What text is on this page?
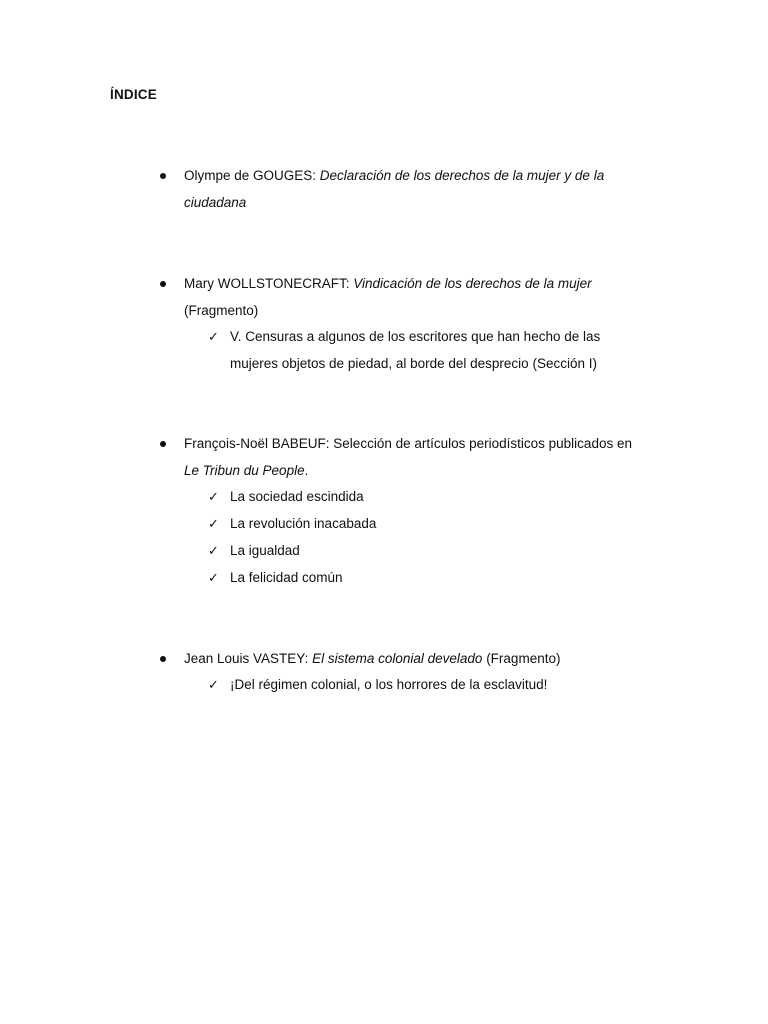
ÍNDICE
Olympe de GOUGES: Declaración de los derechos de la mujer y de la
ciudadana
Mary WOLLSTONECRAFT: Vindicación de los derechos de la mujer
(Fragmento)
✓ V. Censuras a algunos de los escritores que han hecho de las
mujeres objetos de piedad, al borde del desprecio (Sección I)
François-Noël BABEUF: Selección de artículos periodísticos publicados en
Le Tribun du People.
✓ La sociedad escindida
✓ La revolución inacabada
✓ La igualdad
✓ La felicidad común
Jean Louis VASTEY: El sistema colonial develado (Fragmento)
✓ ¡Del régimen colonial, o los horrores de la esclavitud!
